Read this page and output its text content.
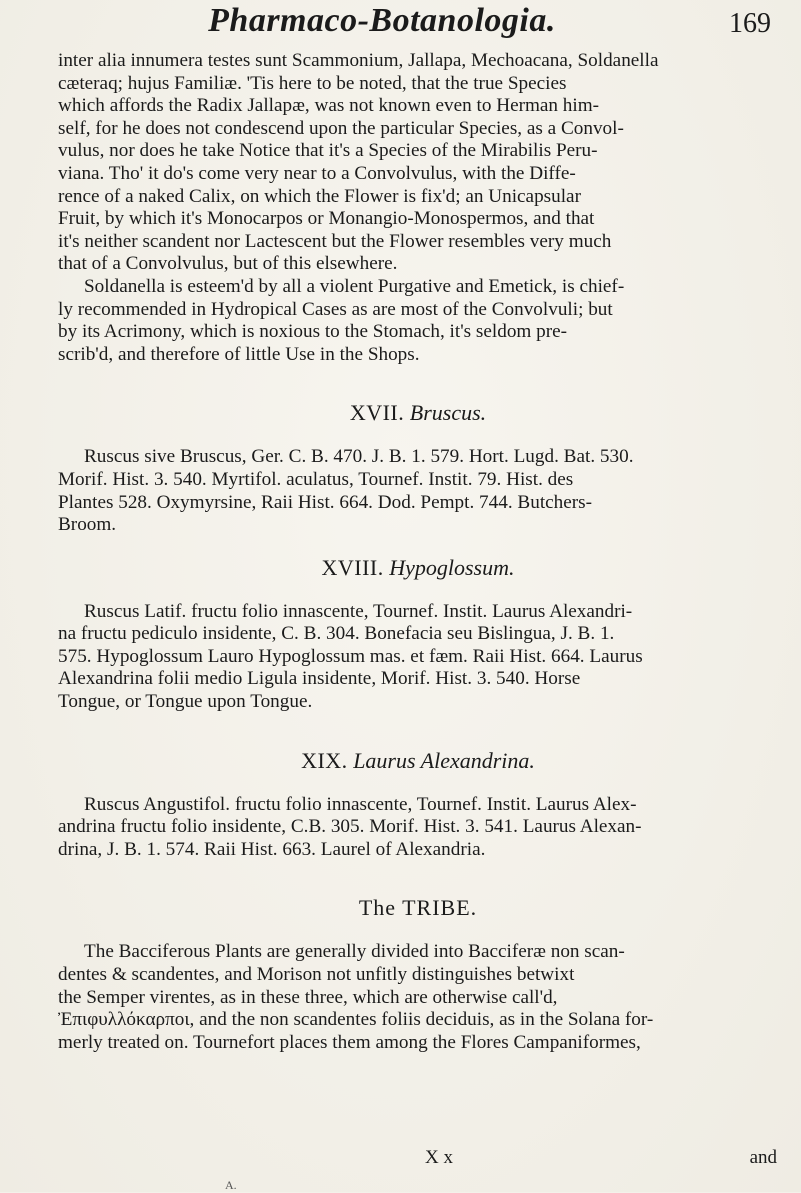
Pharmaco-Botanologia.	169

inter alia innumera testes sunt Scammonium, Jallapa, Mechoacana, Soldanella
cæteraq; hujus Familiæ. 'Tis here to be noted, that the true Species
which affords the Radix Jallapæ, was not known even to Herman him-
self, for he does not condescend upon the particular Species, as a Convol-
vulus, nor does he take Notice that it's a Species of the Mirabilis Peru-
viana. Tho' it do's come very near to a Convolvulus, with the Diffe-
rence of a naked Calix, on which the Flower is fix'd; an Unicapsular
Fruit, by which it's Monocarpos or Monangio-Monospermos, and that
it's neither scandent nor Lactescent but the Flower resembles very much
that of a Convolvulus, but of this elsewhere.

Soldanella is esteem'd by all a violent Purgative and Emetick, is chief-
ly recommended in Hydropical Cases as are most of the Convolvuli; but
by its Acrimony, which is noxious to the Stomach, it's seldom pre-
scrib'd, and therefore of little Use in the Shops.

XVII. Bruscus.

Ruscus sive Bruscus, Ger. C. B. 470. J. B. 1. 579. Hort. Lugd. Bat. 530.
Morif. Hist. 3. 540. Myrtifol. aculatus, Tournef. Instit. 79. Hist. des
Plantes 528. Oxymyrsine, Raii Hist. 664. Dod. Pempt. 744. Butchers-
Broom.

XVIII. Hypoglossum.

Ruscus Latif. fructu folio innascente, Tournef. Instit. Laurus Alexandri-
na fructu pediculo insidente, C. B. 304. Bonefacia seu Bislingua, J. B. 1.
575. Hypoglossum Lauro Hypoglossum mas. et fæm. Raii Hist. 664. Laurus
Alexandrina folii medio Ligula insidente, Morif. Hist. 3. 540. Horse
Tongue, or Tongue upon Tongue.

XIX. Laurus Alexandrina.

Ruscus Angustifol. fructu folio innascente, Tournef. Instit. Laurus Alex-
andrina fructu folio insidente, C.B. 305. Morif. Hist. 3. 541. Laurus Alexan-
drina, J. B. 1. 574. Raii Hist. 663. Laurel of Alexandria.

The TRIBE.

The Bacciferous Plants are generally divided into Bacciferæ non scan-
dentes & scandentes, and Morison not unfitly distinguishes betwixt
the Semper virentes, as in these three, which are otherwise call'd,
Ἐπιφυλλόκαρποι, and the non scandentes foliis deciduis, as in the Solana for-
merly treated on. Tournefort places them among the Flores Campaniformes,

X x	and
A.
